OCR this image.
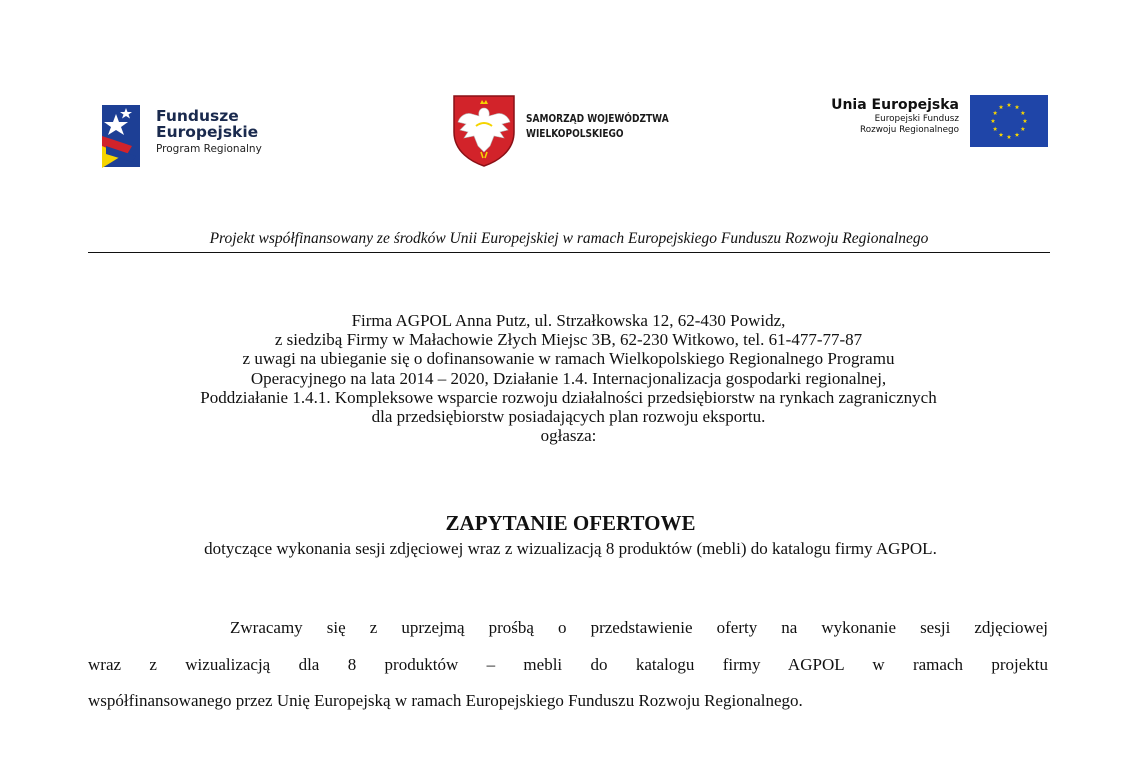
Fundusze
Europejskie
Program Regionalny
SAMORZĄD WOJEWÓDZTWA
WIELKOPOLSKIEGO
Unia Europejska
Europejski Fundusz
Rozwoju Regionalnego
Projekt współfinansowany ze środków Unii Europejskiej w ramach Europejskiego Funduszu Rozwoju Regionalnego
Firma AGPOL Anna Putz, ul. Strzałkowska 12, 62-430 Powidz,
z siedzibą Firmy w Małachowie Złych Miejsc 3B, 62-230 Witkowo, tel. 61-477-77-87
z uwagi na ubieganie się o dofinansowanie w ramach Wielkopolskiego Regionalnego Programu
Operacyjnego na lata 2014 – 2020, Działanie 1.4. Internacjonalizacja gospodarki regionalnej,
Poddziałanie 1.4.1. Kompleksowe wsparcie rozwoju działalności przedsiębiorstw na rynkach zagranicznych
dla przedsiębiorstw posiadających plan rozwoju eksportu.
ogłasza:
ZAPYTANIE OFERTOWE
dotyczące wykonania sesji zdjęciowej wraz z wizualizacją 8 produktów (mebli) do katalogu firmy AGPOL.
Zwracamy się z uprzejmą prośbą o przedstawienie oferty na wykonanie sesji zdjęciowej
wraz z wizualizacją dla 8 produktów – mebli do katalogu firmy AGPOL w ramach projektu
współfinansowanego przez Unię Europejską w ramach Europejskiego Funduszu Rozwoju Regionalnego.
